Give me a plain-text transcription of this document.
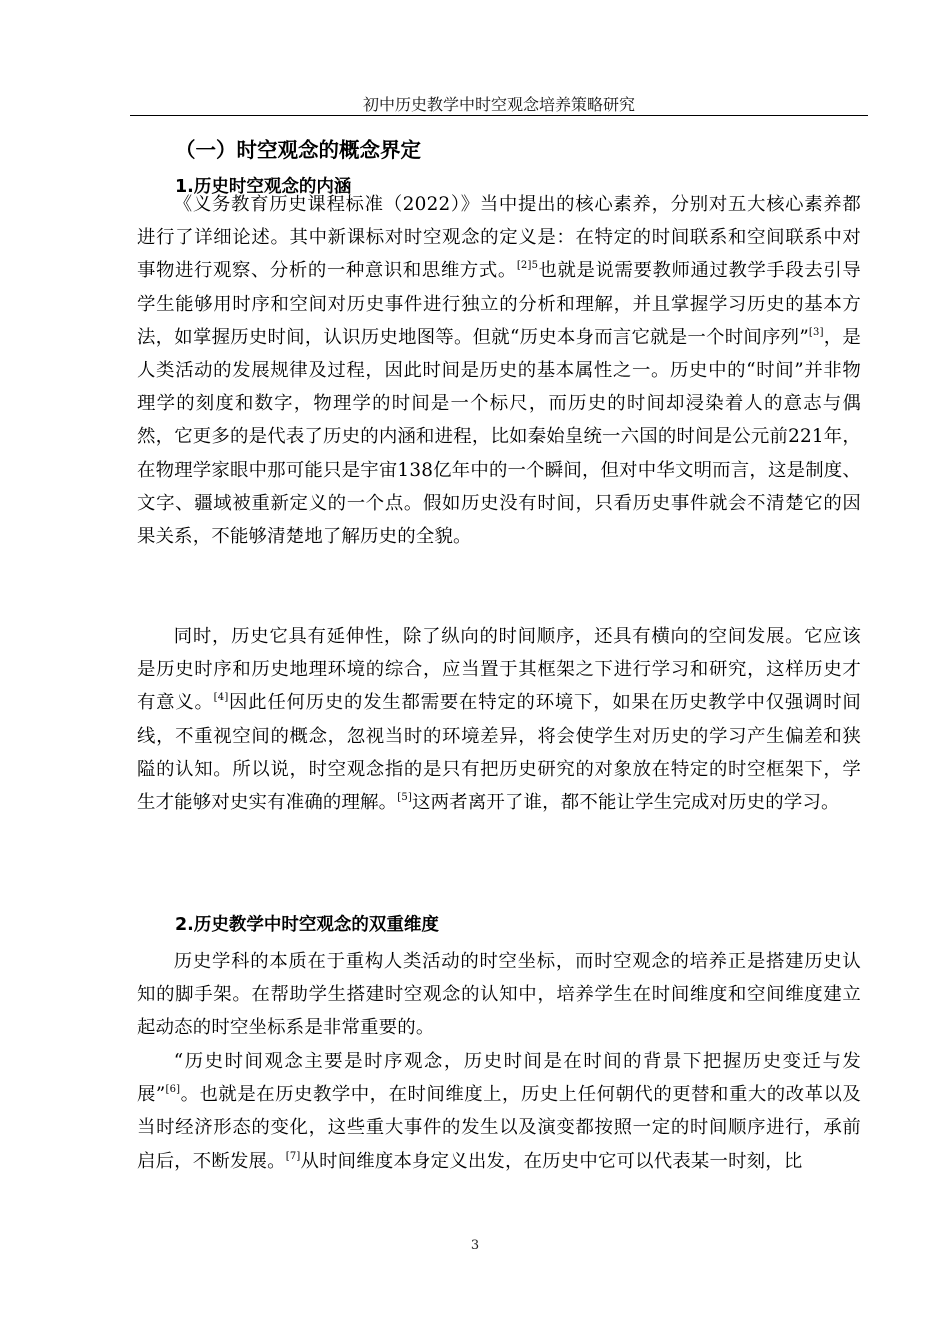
初中历史教学中时空观念培养策略研究
（一）时空观念的概念界定
1.历史时空观念的内涵

《义务教育历史课程标准（2022）》当中提出的核心素养，分别对五大核心素养都进行了详细论述。其中新课标对时空观念的定义是：在特定的时间联系和空间联系中对事物进行观察、分析的一种意识和思维方式。$^{[2]5}$也就是说需要教师通过教学手段去引导学生能够用时序和空间对历史事件进行独立的分析和理解，并且掌握学习历史的基本方法，如掌握历史时间，认识历史地图等。但就“历史本身而言它就是一个时间序列”[3]，是人类活动的发展规律及过程，因此时间是历史的基本属性之一。历史中的“时间”并非物理学的刻度和数字，物理学的时间是一个标尺，而历史的时间却浸染着人的意志与偶然，它更多的是代表了历史的内涵和进程，比如秦始皇统一六国的时间是公元前221年，在物理学家眼中那可能只是宇宙138亿年中的一个瞬间，但对中华文明而言，这是制度、文字、疆域被重新定义的一个点。假如历史没有时间，只看历史事件就会不清楚它的因果关系，不能够清楚地了解历史的全貌。

同时，历史它具有延伸性，除了纵向的时间顺序，还具有横向的空间发展。它应该是历史时序和历史地理环境的综合，应当置于其框架之下进行学习和研究，这样历史才有意义。[4]因此任何历史的发生都需要在特定的环境下，如果在历史教学中仅强调时间线，不重视空间的概念，忽视当时的环境差异，将会使学生对历史的学习产生偏差和狭隘的认知。所以说，时空观念指的是只有把历史研究的对象放在特定的时空框架下，学生才能够对史实有准确的理解。[5]这两者离开了谁，都不能让学生完成对历史的学习。

2.历史教学中时空观念的双重维度

历史学科的本质在于重构人类活动的时空坐标，而时空观念的培养正是搭建历史认知的脚手架。在帮助学生搭建时空观念的认知中，培养学生在时间维度和空间维度建立起动态的时空坐标系是非常重要的。

“历史时间观念主要是时序观念，历史时间是在时间的背景下把握历史变迁与发展”[6]。也就是在历史教学中，在时间维度上，历史上任何朝代的更替和重大的改革以及当时经济形态的变化，这些重大事件的发生以及演变都按照一定的时间顺序进行，承前启后，不断发展。[7]从时间维度本身定义出发，在历史中它可以代表某一时刻，比

3
